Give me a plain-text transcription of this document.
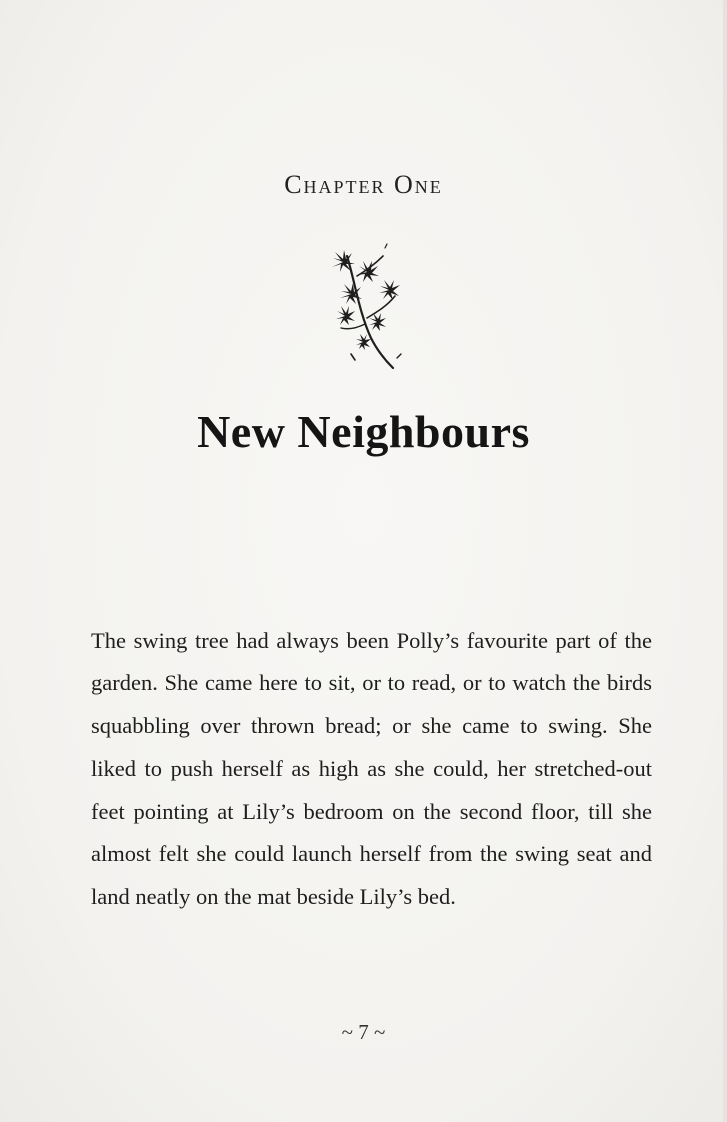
Chapter One
New Neighbours

The swing tree had always been Polly’s favourite part of the garden. She came here to sit, or to read, or to watch the birds squabbling over thrown bread; or she came to swing. She liked to push herself as high as she could, her stretched-out feet pointing at Lily’s bedroom on the second floor, till she almost felt she could launch herself from the swing seat and land neatly on the mat beside Lily’s bed.

~ 7 ~
